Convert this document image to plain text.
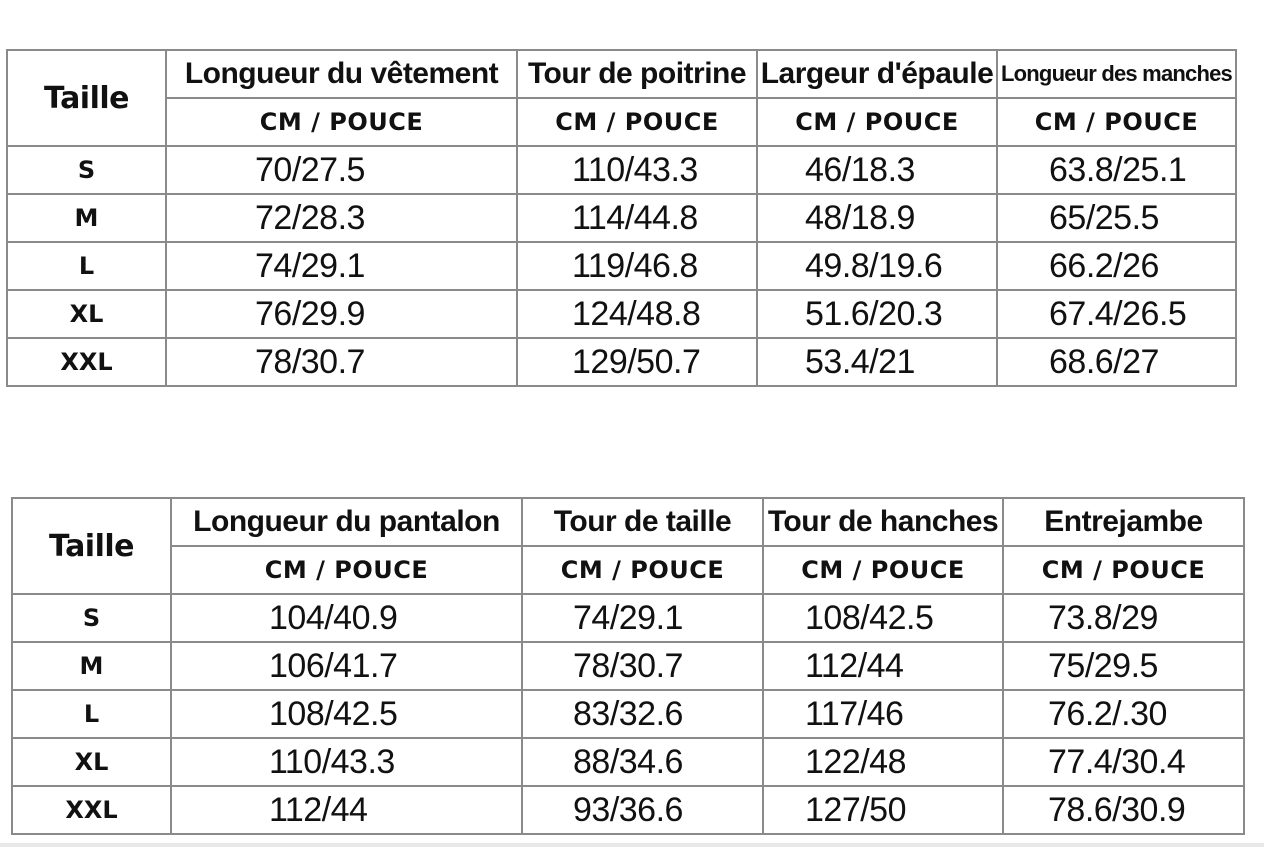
Taille	Longueur du vêtement	Tour de poitrine	Largeur d'épaule	Longueur des manches
	CM / POUCE	CM / POUCE	CM / POUCE	CM / POUCE
S	70/27.5	110/43.3	46/18.3	63.8/25.1
M	72/28.3	114/44.8	48/18.9	65/25.5
L	74/29.1	119/46.8	49.8/19.6	66.2/26
XL	76/29.9	124/48.8	51.6/20.3	67.4/26.5
XXL	78/30.7	129/50.7	53.4/21	68.6/27
Taille	Longueur du pantalon	Tour de taille	Tour de hanches	Entrejambe
	CM / POUCE	CM / POUCE	CM / POUCE	CM / POUCE
S	104/40.9	74/29.1	108/42.5	73.8/29
M	106/41.7	78/30.7	112/44	75/29.5
L	108/42.5	83/32.6	117/46	76.2/.30
XL	110/43.3	88/34.6	122/48	77.4/30.4
XXL	112/44	93/36.6	127/50	78.6/30.9
